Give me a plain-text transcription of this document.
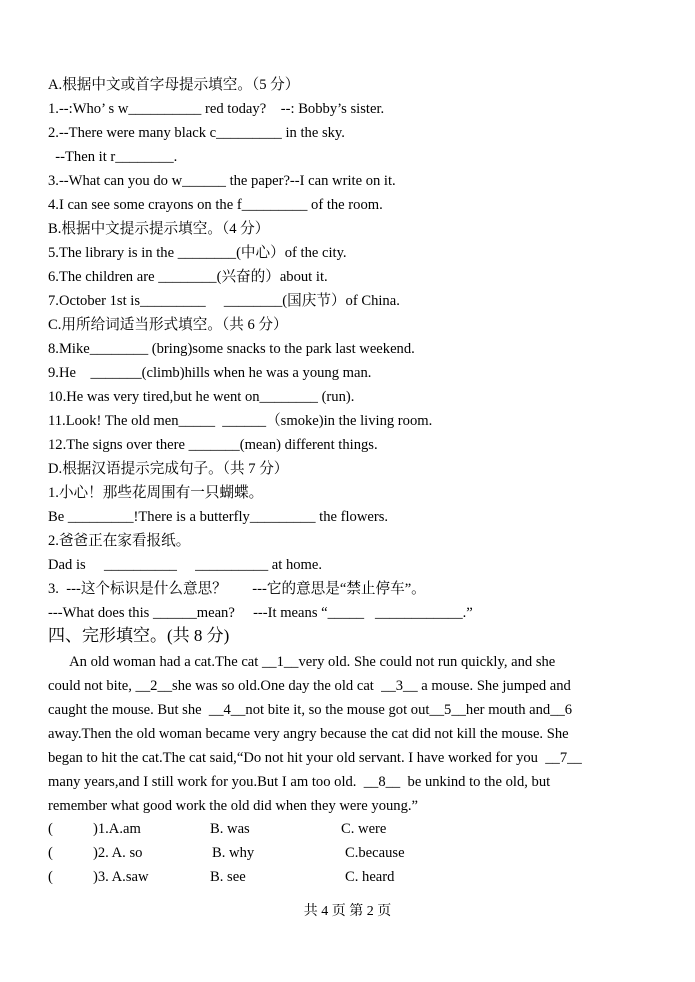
A.根据中文或首字母提示填空。（5 分）
1.--:Who’ s w__________ red today?    --: Bobby’s sister.
2.--There were many black c_________ in the sky.
--Then it r________.
3.--What can you do w______ the paper?--I can write on it.
4.I can see some crayons on the f_________ of the room.
B.根据中文提示提示填空。（4 分）
5.The library is in the ________(中心）of the city.
6.The children are ________(兴奋的）about it.
7.October 1st is_________     ________(国庆节）of China.
C.用所给词适当形式填空。（共 6 分）
8.Mike________ (bring)some snacks to the park last weekend.
9.He    _______(climb)hills when he was a young man.
10.He was very tired,but he went on________ (run).
11.Look! The old men_____  ______（smoke)in the living room.
12.The signs over there _______(mean) different things.
D.根据汉语提示完成句子。（共 7 分）
1.小心！那些花周围有一只蝴蝶。
Be _________!There is a butterfly_________ the flowers.
2.爸爸正在家看报纸。
Dad is     __________     __________ at home.
3.  ---这个标识是什么意思？       ---它的意思是“禁止停车”。
---What does this ______mean?     ---It means “_____   ____________.”
四、完形填空。(共 8 分)

An old woman had a cat.The cat __1__very old. She could not run quickly, and she

could not bite, __2__she was so old.One day the old cat  __3__ a mouse. She jumped and

caught the mouse. But she  __4__not bite it, so the mouse got out__5__her mouth and__6

away.Then the old woman became very angry because the cat did not kill the mouse. She

began to hit the cat.The cat said,“Do not hit your old servant. I have worked for you  __7__

many years,and I still work for you.But I am too old.  __8__  be unkind to the old, but

remember what good work the old did when they were young.”

(	)1.A.am	B. was	C. were
(	)2. A. so	B. why	C.because
(	)3. A.saw	B. see	C. heard
共 4 页 第 2 页
